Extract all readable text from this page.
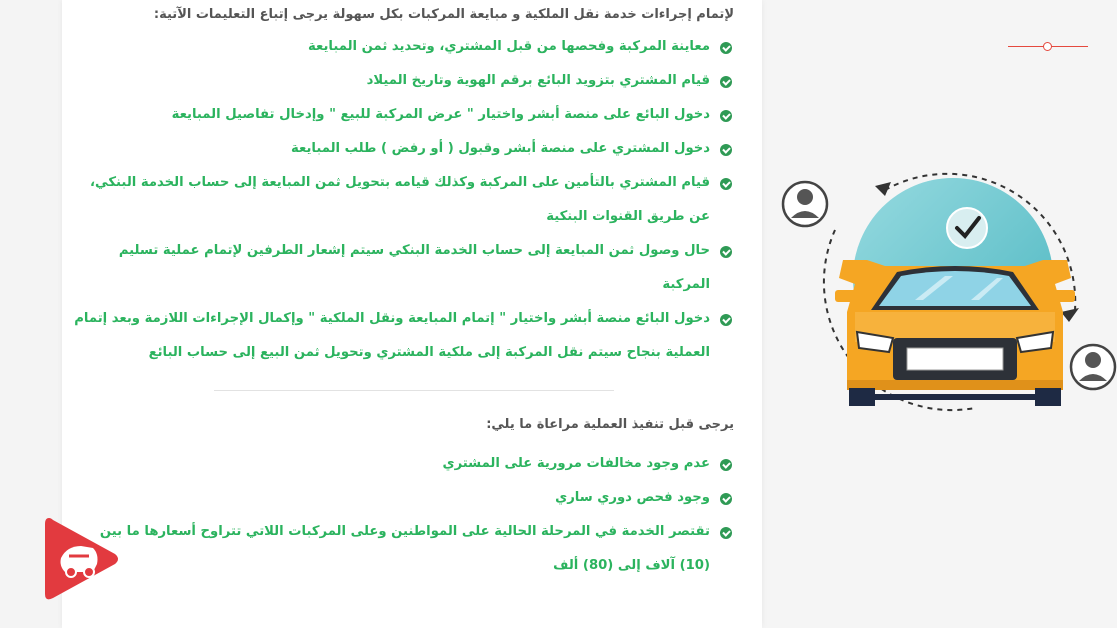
لإتمام إجراءات خدمة نقل الملكية و مبايعة المركبات بكل سهولة يرجى إتباع التعليمات الآتية:

معاينة المركبة وفحصها من قبل المشتري، وتحديد ثمن المبايعة
قيام المشتري بتزويد البائع برقم الهوية وتاريخ الميلاد
دخول البائع على منصة أبشر واختيار " عرض المركبة للبيع " وإدخال تفاصيل المبايعة
دخول المشتري على منصة أبشر وقبول ( أو رفض ) طلب المبايعة
قيام المشتري بالتأمين على المركبة وكذلك قيامه بتحويل ثمن المبايعة إلى حساب الخدمة البنكي، عن طريق القنوات البنكية
حال وصول ثمن المبايعة إلى حساب الخدمة البنكي سيتم إشعار الطرفين لإتمام عملية تسليم المركبة
دخول البائع منصة أبشر واختيار " إتمام المبايعة ونقل الملكية " وإكمال الإجراءات اللازمة وبعد إتمام العملية بنجاح سيتم نقل المركبة إلى ملكية المشتري وتحويل ثمن البيع إلى حساب البائع

يرجى قبل تنفيذ العملية مراعاة ما يلي:

عدم وجود مخالفات مرورية على المشتري
وجود فحص دوري ساري
تقتصر الخدمة في المرحلة الحالية على المواطنين وعلى المركبات اللاتي تتراوح أسعارها ما بين (10) آلاف إلى (80) ألف
